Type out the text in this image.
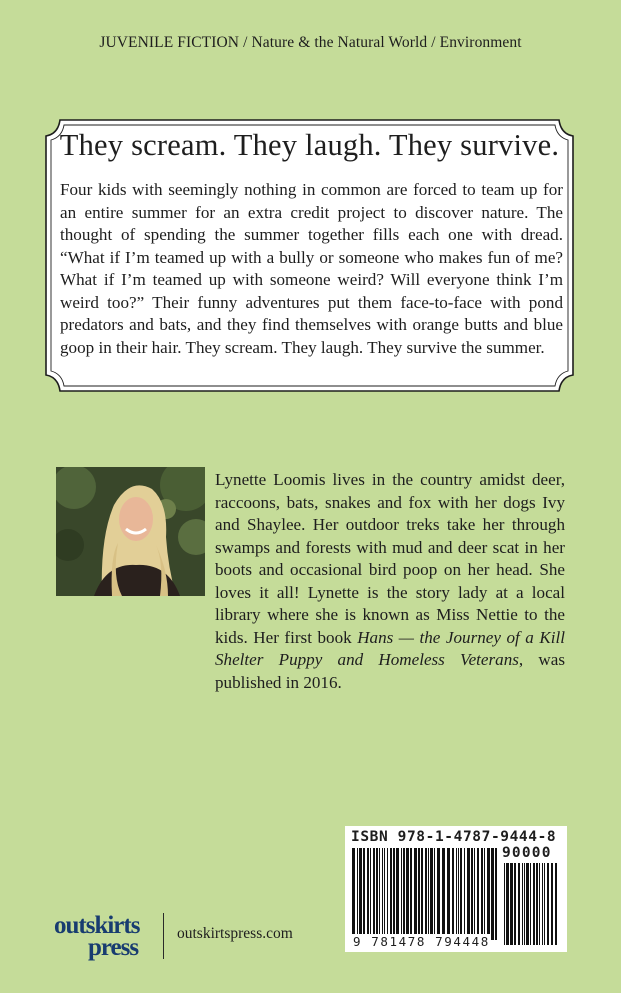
JUVENILE FICTION / Nature & the Natural World / Environment
They scream. They laugh. They survive.
Four kids with seemingly nothing in common are forced to team up for an entire summer for an extra credit project to discover nature. The thought of spending the summer together fills each one with dread. “What if I’m teamed up with a bully or someone who makes fun of me? What if I’m teamed up with someone weird? Will everyone think I’m weird too?” Their funny adventures put them face-to-face with pond predators and bats, and they find themselves with orange butts and blue goop in their hair. They scream. They laugh. They survive the summer.
Lynette Loomis lives in the country amidst deer, raccoons, bats, snakes and fox with her dogs Ivy and Shaylee. Her outdoor treks take her through swamps and forests with mud and deer scat in her boots and occasional bird poop on her head. She loves it all! Lynette is the story lady at a local library where she is known as Miss Nettie to the kids. Her first book Hans — the Journey of a Kill Shelter Puppy and Homeless Veterans, was published in 2016.
ISBN 978-1-4787-9444-8
90000
9 781478 794448
outskirts
press
outskirtspress.com
